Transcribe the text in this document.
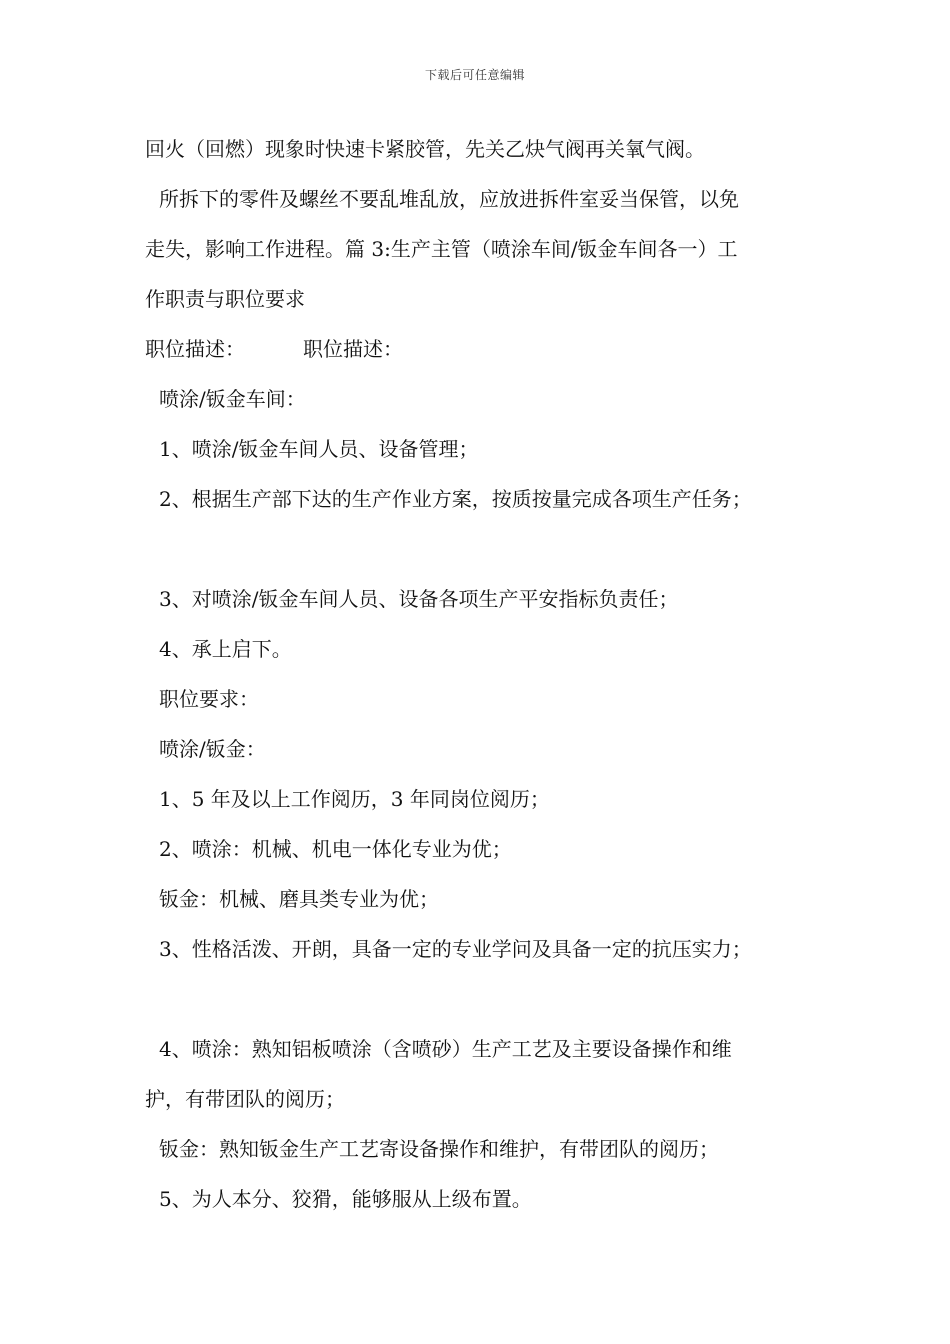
下载后可任意编辑
回火（回燃）现象时快速卡紧胶管，先关乙炔气阀再关氧气阀。
所拆下的零件及螺丝不要乱堆乱放，应放进拆件室妥当保管，以免
走失，影响工作进程。篇 3:生产主管（喷涂车间/钣金车间各一）工
作职责与职位要求
职位描述：	职位描述：
喷涂/钣金车间：
1、喷涂/钣金车间人员、设备管理；
2、根据生产部下达的生产作业方案，按质按量完成各项生产任务；
3、对喷涂/钣金车间人员、设备各项生产平安指标负责任；
4、承上启下。
职位要求：
喷涂/钣金：
1、5 年及以上工作阅历，3 年同岗位阅历；
2、喷涂：机械、机电一体化专业为优；
钣金：机械、磨具类专业为优；
3、性格活泼、开朗，具备一定的专业学问及具备一定的抗压实力；
4、喷涂：熟知铝板喷涂（含喷砂）生产工艺及主要设备操作和维
护，有带团队的阅历；
钣金：熟知钣金生产工艺寄设备操作和维护，有带团队的阅历；
5、为人本分、狡猾，能够服从上级布置。
